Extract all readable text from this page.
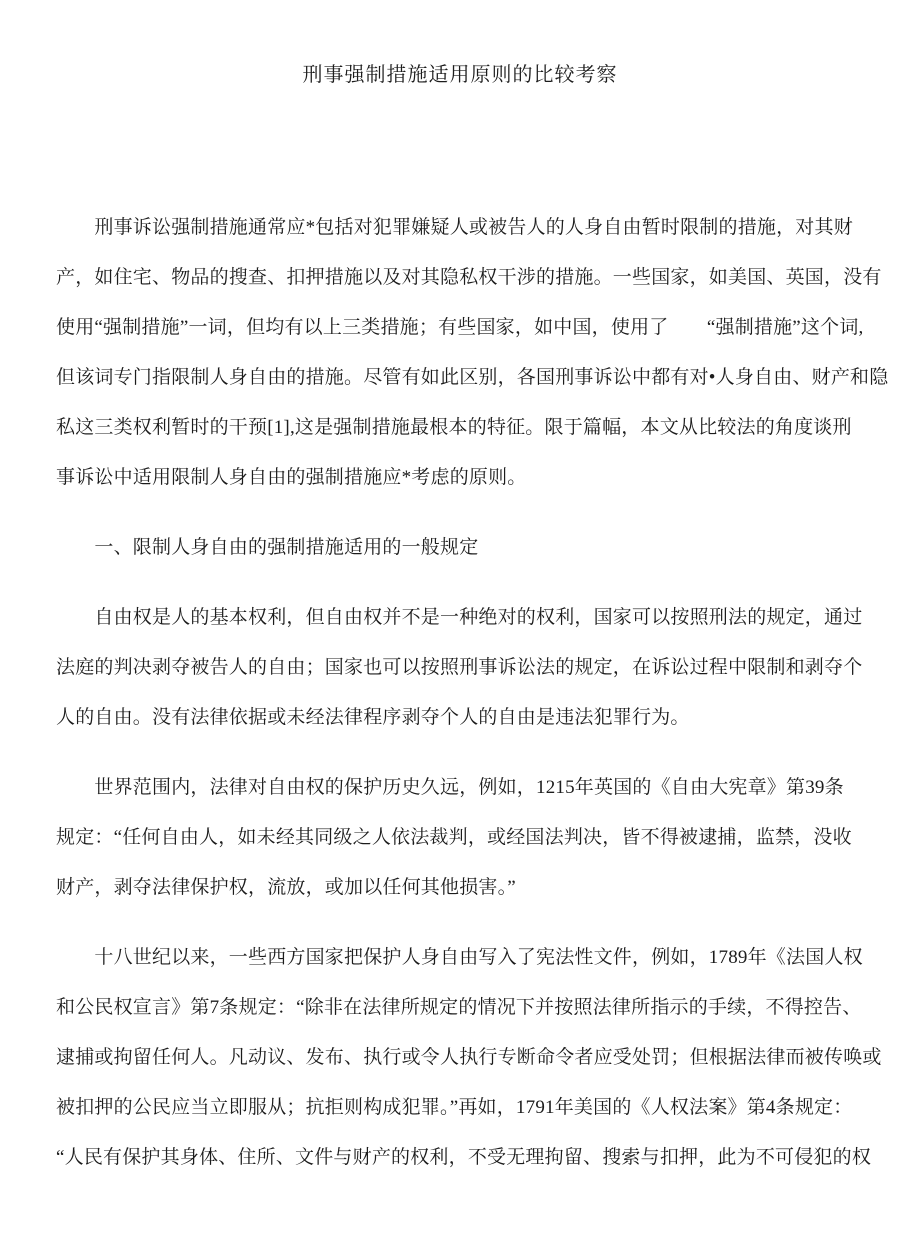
刑事强制措施适用原则的比较考察
　　刑事诉讼强制措施通常应*包括对犯罪嫌疑人或被告人的人身自由暂时限制的措施，对其财
产，如住宅、物品的搜查、扣押措施以及对其隐私权干涉的措施。一些国家，如美国、英国，没有
使用“强制措施”一词，但均有以上三类措施；有些国家，如中国，使用了　　“强制措施”这个词,
但该词专门指限制人身自由的措施。尽管有如此区别，各国刑事诉讼中都有对•人身自由、财产和隐
私这三类权利暂时的干预[1],这是强制措施最根本的特征。限于篇幅，本文从比较法的角度谈刑
事诉讼中适用限制人身自由的强制措施应*考虑的原则。
　　一、限制人身自由的强制措施适用的一般规定
　　自由权是人的基本权利，但自由权并不是一种绝对的权利，国家可以按照刑法的规定，通过
法庭的判决剥夺被告人的自由；国家也可以按照刑事诉讼法的规定，在诉讼过程中限制和剥夺个
人的自由。没有法律依据或未经法律程序剥夺个人的自由是违法犯罪行为。
　　世界范围内，法律对自由权的保护历史久远，例如，1215年英国的《自由大宪章》第39条
规定：“任何自由人，如未经其同级之人依法裁判，或经国法判决，皆不得被逮捕，监禁，没收
财产，剥夺法律保护权，流放，或加以任何其他损害。”
　　十八世纪以来，一些西方国家把保护人身自由写入了宪法性文件，例如，1789年《法国人权
和公民权宣言》第7条规定：“除非在法律所规定的情况下并按照法律所指示的手续，不得控告、
逮捕或拘留任何人。凡动议、发布、执行或令人执行专断命令者应受处罚；但根据法律而被传唤或
被扣押的公民应当立即服从；抗拒则构成犯罪。”再如，1791年美国的《人权法案》第4条规定：
“人民有保护其身体、住所、文件与财产的权利，不受无理拘留、搜索与扣押，此为不可侵犯的权
